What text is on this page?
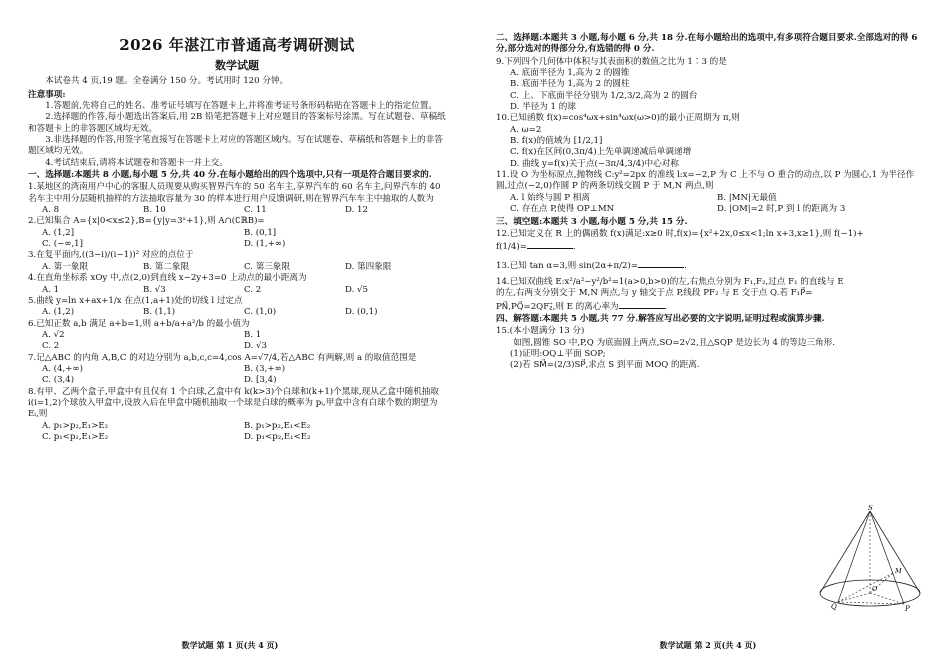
2026 年湛江市普通高考调研测试
数学试题

本试卷共 4 页,19 题。全卷满分 150 分。考试用时 120 分钟。

注意事项:

1.答题前,先将自己的姓名、准考证号填写在答题卡上,并将准考证号条形码粘贴在答题卡上的指定位置。

2.选择题的作答,每小题选出答案后,用 2B 铅笔把答题卡上对应题目的答案标号涂黑。写在试题卷、草稿纸和答题卡上的非答题区域均无效。

3.非选择题的作答,用签字笔直接写在答题卡上对应的答题区域内。写在试题卷、草稿纸和答题卡上的非答题区域均无效。

4.考试结束后,请将本试题卷和答题卡一并上交。

一、选择题:本题共 8 小题,每小题 5 分,共 40 分.在每小题给出的四个选项中,只有一项是符合题目要求的.

1.某地区的湾南用户中心的客服人员现要从购买智界汽车的 50 名车主,享界汽车的 60 名车主,问界汽车的 40 名车主中用分层随机抽样的方法抽取容量为 30 的样本进行用户反馈调研,则在智界汽车车主中抽取的人数为

A. 8	B. 10	C. 11	D. 12

2.已知集合 A={x|0<x≤2},B={y|y=3ˣ+1},则 A∩(∁ℝB)=

A. (1,2]	B. (0,1]
C. (−∞,1]	D. (1,+∞)

3.在复平面内,((3−i)/(i−1))² 对应的点位于

A. 第一象限	B. 第二象限	C. 第三象限	D. 第四象限

4.在直角坐标系 xOy 中,点(2,0)到直线 x−2y+3=0 上动点的最小距离为

A. 1	B. √3	C. 2	D. √5

5.曲线 y=ln x+ax+1/x 在点(1,a+1)处的切线 l 过定点

A. (1,2)	B. (1,1)	C. (1,0)	D. (0,1)

6.已知正数 a,b 满足 a+b=1,则 a+b/a+a²/b 的最小值为

A. √2	B. 1
C. 2	D. √3

7.记△ABC 的内角 A,B,C 的对边分别为 a,b,c,c=4,cos A=√7/4,若△ABC 有两解,则 a 的取值范围是

A. (4,+∞)	B. (3,+∞)
C. (3,4)	D. [3,4)

8.有甲、乙两个盒子,甲盒中有且仅有 1 个白球,乙盒中有 k(k>3)个白球和(k+1)个黑球,现从乙盒中随机抽取 i(i=1,2)个球放入甲盒中,设放入后在甲盒中随机抽取一个球是白球的概率为 pᵢ,甲盒中含有白球个数的期望为 Eᵢ,则

A. p₁>p₂,E₁>E₂	B. p₁>p₂,E₁<E₂
C. p₁<p₂,E₁>E₂	D. p₁<p₂,E₁<E₂
数学试题 第 1 页(共 4 页)

二、选择题:本题共 3 小题,每小题 6 分,共 18 分.在每小题给出的选项中,有多项符合题目要求.全部选对的得 6 分,部分选对的得部分分,有选错的得 0 分.

9.下列四个几何体中体积与其表面积的数值之比为 1∶3 的是

A. 底面半径为 1,高为 2 的圆锥

B. 底面半径为 1,高为 2 的圆柱

C. 上、下底面半径分别为 1/2,3/2,高为 2 的圆台

D. 半径为 1 的球

10.已知函数 f(x)=cos⁴ωx+sin⁴ωx(ω>0)的最小正周期为 π,则

A. ω=2

B. f(x)的值域为 [1/2,1]

C. f(x)在区间(0,3π/4)上先单调递减后单调递增

D. 曲线 y=f(x)关于点(−3π/4,3/4)中心对称

11.设 O 为坐标原点,抛物线 C:y²=2px 的准线 l:x=−2,P 为 C 上不与 O 重合的动点,以 P 为圆心,1 为半径作圆,过点(−2,0)作圆 P 的两条切线交圆 P 于 M,N 两点,则

A. l 始终与圆 P 相离	B. |MN|无最值
C. 存在点 P,使得 OP⊥MN	D. |OM|=2 时,P 到 l 的距离为 3

三、填空题:本题共 3 小题,每小题 5 分,共 15 分.

12.已知定义在 R 上的偶函数 f(x)满足:x≥0 时,f(x)={x²+2x,0≤x<1;ln x+3,x≥1},则 f(−1)+

f(1/4)=	.

13.已知 tan α=3,则 sin(2α+π/2)=	.

14.已知双曲线 E:x²/a²−y²/b²=1(a>0,b>0)的左,右焦点分别为 F₁,F₂,过点 F₁ 的直线与 E

的左,右两支分别交于 M,N 两点,与 y 轴交于点 P,线段 PF₂ 与 E 交于点 Q.若 F₁P⃗=

PN⃗,PQ⃗=2QF₂⃗,则 E 的离心率为	.

四、解答题:本题共 5 小题,共 77 分.解答应写出必要的文字说明,证明过程或演算步骤.

15.(本小题满分 13 分)

如图,圆锥 SO 中,P,Q 为底面圆上两点,SO=2√2,且△SQP 是边长为 4 的等边三角形.

(1)证明:OQ⊥平面 SOP;

(2)若 SM⃗=(2/3)SP⃗,求点 S 到平面 MOQ 的距离.

S
M
O
Q	P
数学试题 第 2 页(共 4 页)
